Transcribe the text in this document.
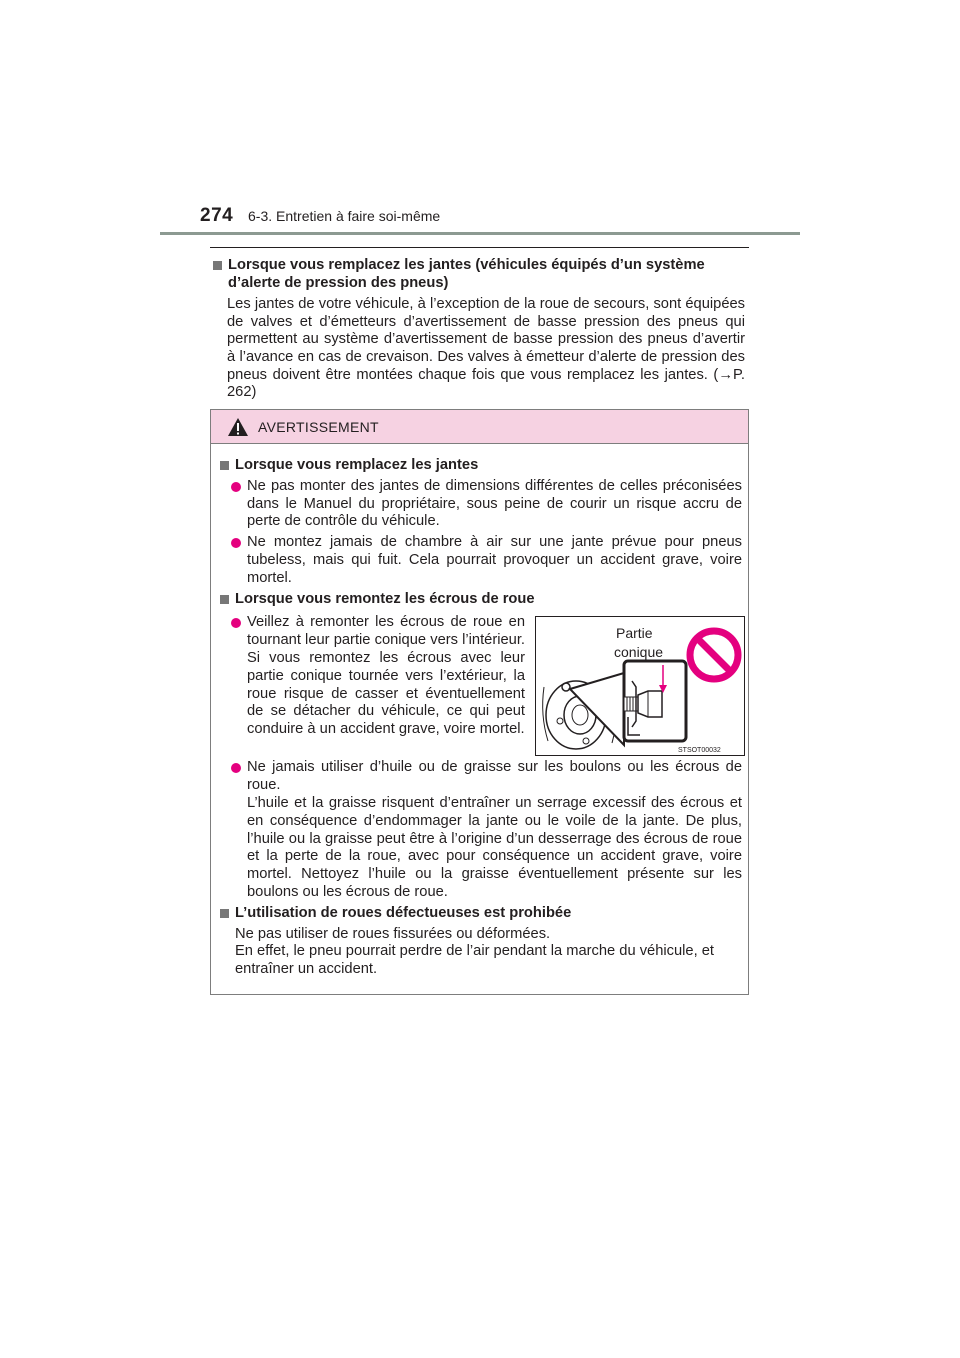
274 6-3. Entretien à faire soi-même
Lorsque vous remplacez les jantes (véhicules équipés d’un système d’alerte de pression des pneus)
Les jantes de votre véhicule, à l’exception de la roue de secours, sont équipées de valves et d’émetteurs d’avertissement de basse pression des pneus qui permettent au système d’avertissement de basse pression des pneus d’avertir à l’avance en cas de crevaison. Des valves à émetteur d’alerte de pression des pneus doivent être montées chaque fois que vous remplacez les jantes. (→P. 262)
AVERTISSEMENT
Lorsque vous remplacez les jantes
Ne pas monter des jantes de dimensions différentes de celles préconisées dans le Manuel du propriétaire, sous peine de courir un risque accru de perte de contrôle du véhicule.
Ne montez jamais de chambre à air sur une jante prévue pour pneus tubeless, mais qui fuit. Cela pourrait provoquer un accident grave, voire mortel.
Lorsque vous remontez les écrous de roue
Veillez à remonter les écrous de roue en tournant leur partie conique vers l’intérieur. Si vous remontez les écrous avec leur partie conique tournée vers l’extérieur, la roue risque de casser et éventuellement de se détacher du véhicule, ce qui peut conduire à un accident grave, voire mortel.
Partie
conique
STSOT00032
Ne jamais utiliser d’huile ou de graisse sur les boulons ou les écrous de roue.
L’huile et la graisse risquent d’entraîner un serrage excessif des écrous et en conséquence d’endommager la jante ou le voile de la jante. De plus, l’huile ou la graisse peut être à l’origine d’un desserrage des écrous de roue et la perte de la roue, avec pour conséquence un accident grave, voire mortel. Nettoyez l’huile ou la graisse éventuellement présente sur les boulons ou les écrous de roue.
L’utilisation de roues défectueuses est prohibée
Ne pas utiliser de roues fissurées ou déformées.
En effet, le pneu pourrait perdre de l’air pendant la marche du véhicule, et entraîner un accident.
